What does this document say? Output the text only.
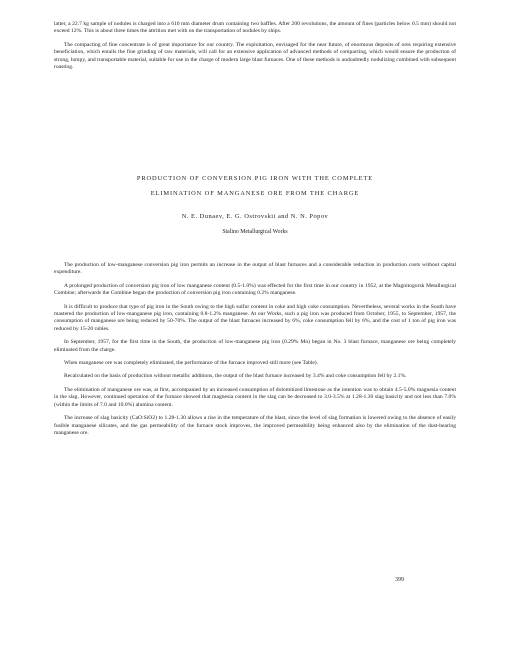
latter, a 22.7 kg sample of nodules is charged into a 610 mm diameter drum containing two baffles. After 200 revolutions, the amount of fines (particles below 0.5 mm) should not exceed 12%. This is about three times the attrition met with on the transportation of nodules by ships.

The compacting of fine concentrate is of great importance for our country. The exploitation, envisaged for the near future, of enormous deposits of ores requiring extensive beneficiation, which entails the fine grinding of raw materials, will call for an extensive application of advanced methods of compacting, which would ensure the production of strong, lumpy, and transportable material, suitable for use in the charge of modern large blast furnaces. One of these methods is undoubtedly nodulizing combined with subsequent roasting.

PRODUCTION OF CONVERSION PIG IRON WITH THE COMPLETE

ELIMINATION OF MANGANESE ORE FROM THE CHARGE

N. E. Dunaev, E. G. Ostrovskii and N. N. Popov

Stalino Metallurgical Works

The production of low-manganese conversion pig iron permits an increase in the output of blast furnaces and a considerable reduction in production costs without capital expenditure.

A prolonged production of conversion pig iron of low manganese content (0.5-1.0%) was effected for the first time in our country in 1952, at the Magnitogorsk Metallurgical Combine; afterwards the Combine began the production of conversion pig iron containing 0.2% manganese.

It is difficult to produce that type of pig iron in the South owing to the high sulfur content in coke and high coke consumption. Nevertheless, several works in the South have mastered the production of low-manganese pig iron, containing 0.8-1.2% manganese. At our Works, such a pig iron was produced from October, 1955, to September, 1957, the consumption of manganese ore being reduced by 50-70%. The output of the blast furnaces increased by 6%, coke consumption fell by 6%, and the cost of 1 ton of pig iron was reduced by 15-20 rubles.

In September, 1957, for the first time in the South, the production of low-manganese pig iron (0.29% Mn) began in No. 3 blast furnace, manganese ore being completely eliminated from the charge.

When manganese ore was completely eliminated, the performance of the furnace improved still more (see Table).

Recalculated on the basis of production without metallic additions, the output of the blast furnace increased by 3.4% and coke consumption fell by 2.1%.

The elimination of manganese ore was, at first, accompanied by an increased consumption of dolomitized limestone as the intention was to obtain 4.5-5.0% magnesia content in the slag. However, continued operation of the furnace showed that magnesia content in the slag can be decreased to 3.0-3.5% at 1.28-1.30 slag basicity and not less than 7.0% (within the limits of 7.0 and 10.0%) alumina content.

The increase of slag basicity (CaO:SiO2) to 1.28-1.30 allows a rise in the temperature of the blast, since the level of slag formation is lowered owing to the absence of easily fusible manganese silicates, and the gas permeability of the furnace stock improves, the improved permeability being enhanced also by the elimination of the dust-bearing manganese ore.

399
